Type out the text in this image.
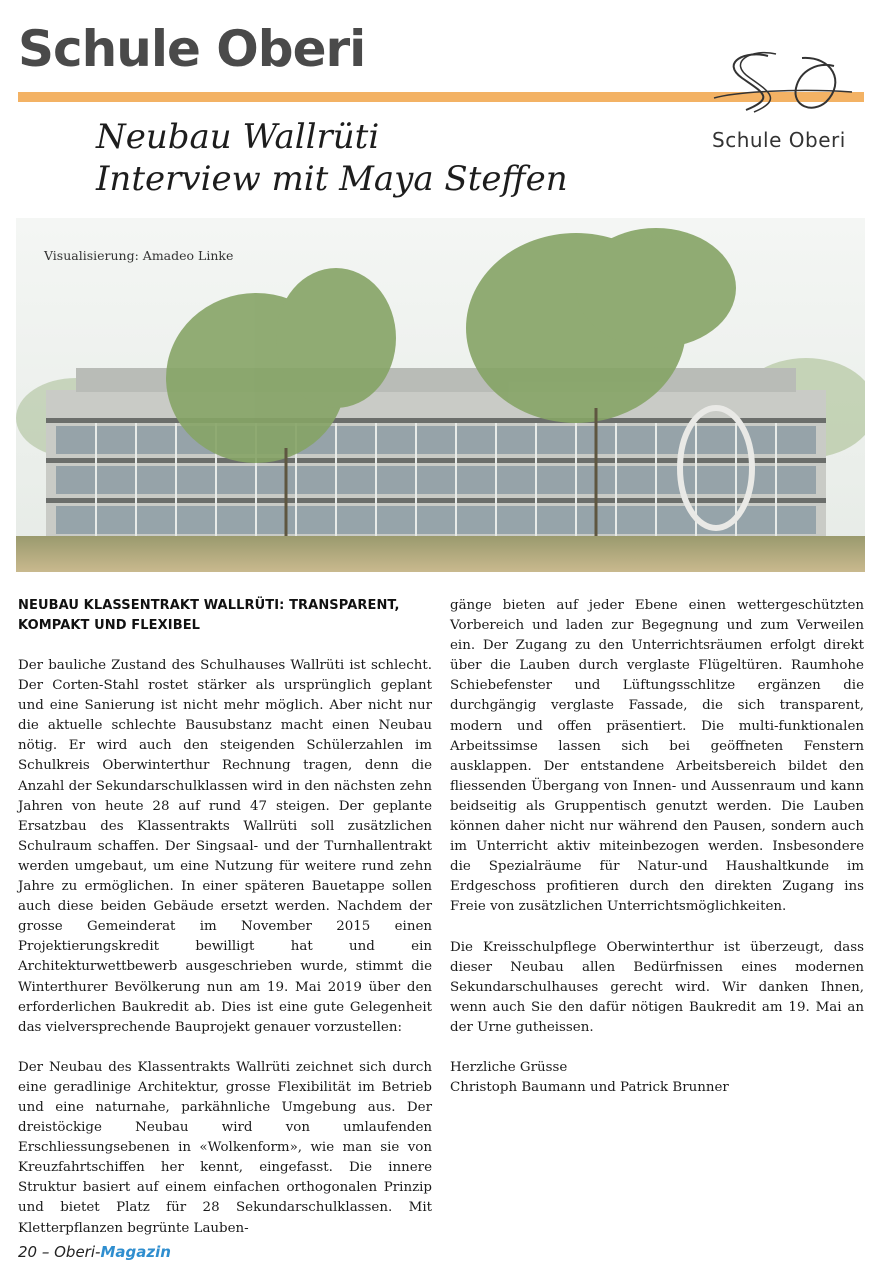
Schule Oberi
Schule Oberi
Neubau Wallrüti
Interview mit Maya Steffen
Visualisierung: Amadeo Linke
NEUBAU KLASSENTRAKT WALLRÜTI: TRANSPARENT, KOMPAKT UND FLEXIBEL

Der bauliche Zustand des Schulhauses Wallrüti ist schlecht. Der Corten-Stahl rostet stärker als ursprünglich geplant und eine Sanierung ist nicht mehr möglich. Aber nicht nur die aktuelle schlechte Bausubstanz macht einen Neubau nötig. Er wird auch den steigenden Schülerzahlen im Schulkreis Oberwinterthur Rechnung tragen, denn die Anzahl der Sekundarschulklassen wird in den nächsten zehn Jahren von heute 28 auf rund 47 steigen. Der geplante Ersatzbau des Klassentrakts Wallrüti soll zusätzlichen Schulraum schaffen. Der Singsaal- und der Turnhallentrakt werden umgebaut, um eine Nutzung für weitere rund zehn Jahre zu ermöglichen. In einer späteren Bauetappe sollen auch diese beiden Gebäude ersetzt werden. Nachdem der grosse Gemeinderat im November 2015 einen Projektierungskredit bewilligt hat und ein Architekturwettbewerb ausgeschrieben wurde, stimmt die Winterthurer Bevölkerung nun am 19. Mai 2019 über den erforderlichen Baukredit ab. Dies ist eine gute Gelegenheit das vielversprechende Bauprojekt genauer vorzustellen:

Der Neubau des Klassentrakts Wallrüti zeichnet sich durch eine geradlinige Architektur, grosse Flexibilität im Betrieb und eine naturnahe, parkähnliche Umgebung aus. Der dreistöckige Neubau wird von umlaufenden Erschliessungsebenen in «Wolkenform», wie man sie von Kreuzfahrtschiffen her kennt, eingefasst. Die innere Struktur basiert auf einem einfachen orthogonalen Prinzip und bietet Platz für 28 Sekundarschulklassen. Mit Kletterpflanzen begrünte Lauben-

gänge bieten auf jeder Ebene einen wettergeschützten Vorbereich und laden zur Begegnung und zum Verweilen ein. Der Zugang zu den Unterrichtsräumen erfolgt direkt über die Lauben durch verglaste Flügeltüren. Raumhohe Schiebefenster und Lüftungsschlitze ergänzen die durchgängig verglaste Fassade, die sich transparent, modern und offen präsentiert. Die multi-funktionalen Arbeitssimse lassen sich bei geöffneten Fenstern ausklappen. Der entstandene Arbeitsbereich bildet den fliessenden Übergang von Innen- und Aussenraum und kann beidseitig als Gruppentisch genutzt werden. Die Lauben können daher nicht nur während den Pausen, sondern auch im Unterricht aktiv miteinbezogen werden. Insbesondere die Spezialräume für Natur-und Haushaltkunde im Erdgeschoss profitieren durch den direkten Zugang ins Freie von zusätzlichen Unterrichtsmöglichkeiten.

Die Kreisschulpflege Oberwinterthur ist überzeugt, dass dieser Neubau allen Bedürfnissen eines modernen Sekundarschulhauses gerecht wird. Wir danken Ihnen, wenn auch Sie den dafür nötigen Baukredit am 19. Mai an der Urne gutheissen.

Herzliche Grüsse

Christoph Baumann und Patrick Brunner

20 – Oberi-Magazin
